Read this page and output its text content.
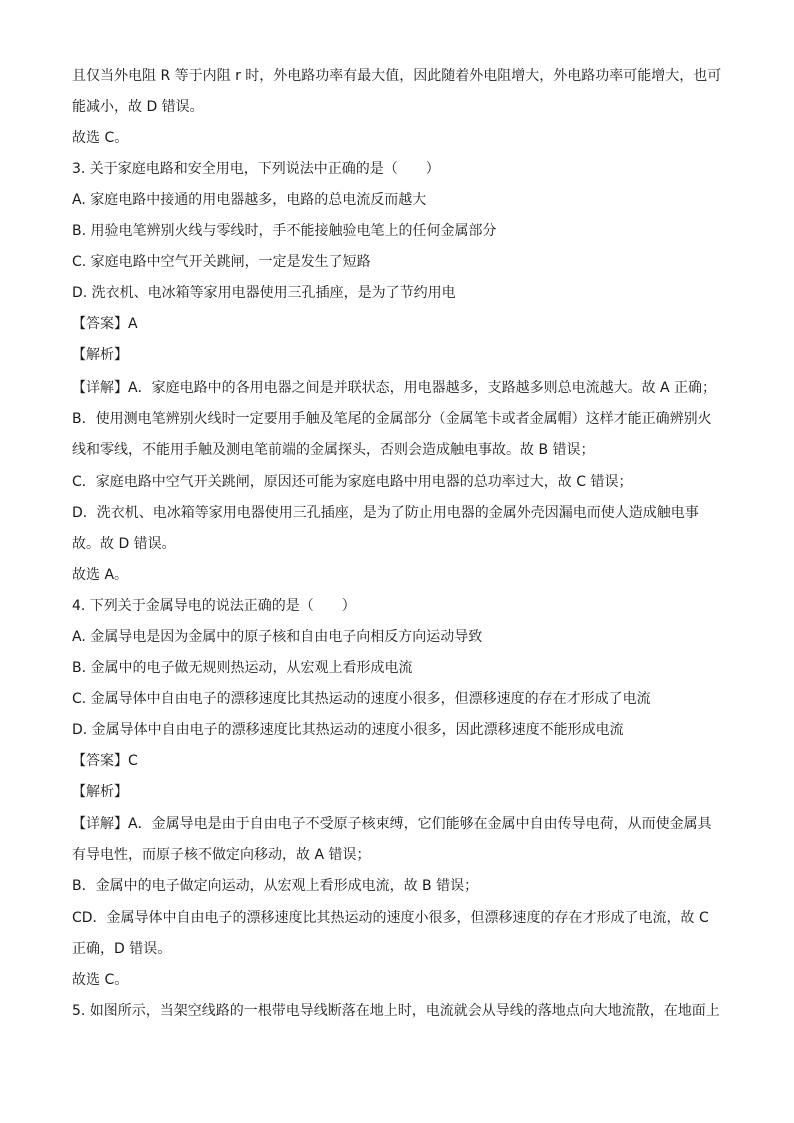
且仅当外电阻 R 等于内阻 r 时，外电路功率有最大值，因此随着外电阻增大，外电路功率可能增大，也可
能减小，故 D 错误。
故选 C。
3. 关于家庭电路和安全用电，下列说法中正确的是（　　）
A. 家庭电路中接通的用电器越多，电路的总电流反而越大
B. 用验电笔辨别火线与零线时，手不能接触验电笔上的任何金属部分
C. 家庭电路中空气开关跳闸，一定是发生了短路
D. 洗衣机、电冰箱等家用电器使用三孔插座，是为了节约用电
【答案】A
【解析】
【详解】A．家庭电路中的各用电器之间是并联状态，用电器越多，支路越多则总电流越大。故 A 正确；
B．使用测电笔辨别火线时一定要用手触及笔尾的金属部分（金属笔卡或者金属帽）这样才能正确辨别火
线和零线，不能用手触及测电笔前端的金属探头，否则会造成触电事故。故 B 错误；
C．家庭电路中空气开关跳闸，原因还可能为家庭电路中用电器的总功率过大，故 C 错误；
D．洗衣机、电冰箱等家用电器使用三孔插座，是为了防止用电器的金属外壳因漏电而使人造成触电事
故。故 D 错误。
故选 A。
4. 下列关于金属导电的说法正确的是（　　）
A. 金属导电是因为金属中的原子核和自由电子向相反方向运动导致
B. 金属中的电子做无规则热运动，从宏观上看形成电流
C. 金属导体中自由电子的漂移速度比其热运动的速度小很多，但漂移速度的存在才形成了电流
D. 金属导体中自由电子的漂移速度比其热运动的速度小很多，因此漂移速度不能形成电流
【答案】C
【解析】
【详解】A．金属导电是由于自由电子不受原子核束缚，它们能够在金属中自由传导电荷，从而使金属具
有导电性，而原子核不做定向移动，故 A 错误；
B．金属中的电子做定向运动，从宏观上看形成电流，故 B 错误；
CD．金属导体中自由电子的漂移速度比其热运动的速度小很多，但漂移速度的存在才形成了电流，故 C
正确，D 错误。
故选 C。
5. 如图所示，当架空线路的一根带电导线断落在地上时，电流就会从导线的落地点向大地流散，在地面上
